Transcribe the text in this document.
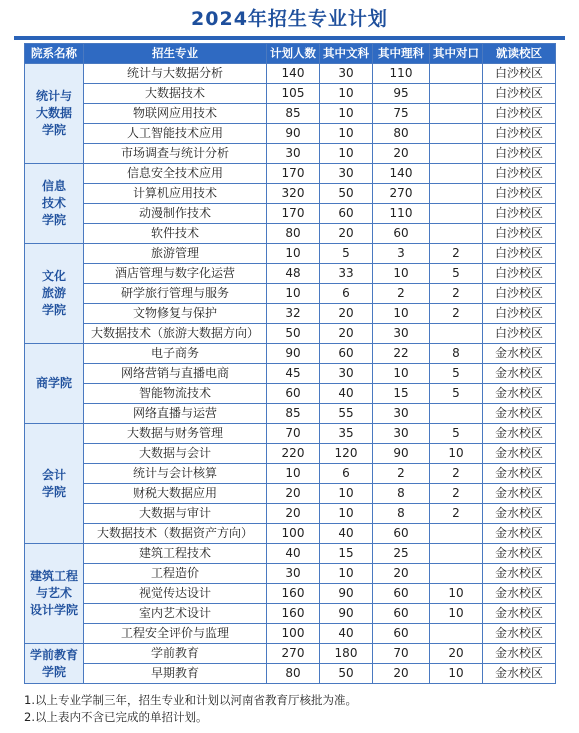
2024年招生专业计划
院系名称	招生专业	计划人数	其中文科	其中理科	其中对口	就读校区

统计与
大数据
学院	统计与大数据分析	140	30	110		白沙校区
	大数据技术	105	10	95		白沙校区
	物联网应用技术	85	10	75		白沙校区
	人工智能技术应用	90	10	80		白沙校区
	市场调查与统计分析	30	10	20		白沙校区

信息
技术
学院	信息安全技术应用	170	30	140		白沙校区
	计算机应用技术	320	50	270		白沙校区
	动漫制作技术	170	60	110		白沙校区
	软件技术	80	20	60		白沙校区

文化
旅游
学院	旅游管理	10	5	3	2	白沙校区
	酒店管理与数字化运营	48	33	10	5	白沙校区
	研学旅行管理与服务	10	6	2	2	白沙校区
	文物修复与保护	32	20	10	2	白沙校区
	大数据技术（旅游大数据方向）	50	20	30		白沙校区

商学院	电子商务	90	60	22	8	金水校区
	网络营销与直播电商	45	30	10	5	金水校区
	智能物流技术	60	40	15	5	金水校区
	网络直播与运营	85	55	30		金水校区

会计
学院	大数据与财务管理	70	35	30	5	金水校区
	大数据与会计	220	120	90	10	金水校区
	统计与会计核算	10	6	2	2	金水校区
	财税大数据应用	20	10	8	2	金水校区
	大数据与审计	20	10	8	2	金水校区
	大数据技术（数据资产方向）	100	40	60		金水校区

建筑工程
与艺术
设计学院	建筑工程技术	40	15	25		金水校区
	工程造价	30	10	20		金水校区
	视觉传达设计	160	90	60	10	金水校区
	室内艺术设计	160	90	60	10	金水校区
	工程安全评价与监理	100	40	60		金水校区

学前教育
学院	学前教育	270	180	70	20	金水校区
	早期教育	80	50	20	10	金水校区
1.以上专业学制三年，招生专业和计划以河南省教育厅核批为准。
2.以上表内不含已完成的单招计划。
